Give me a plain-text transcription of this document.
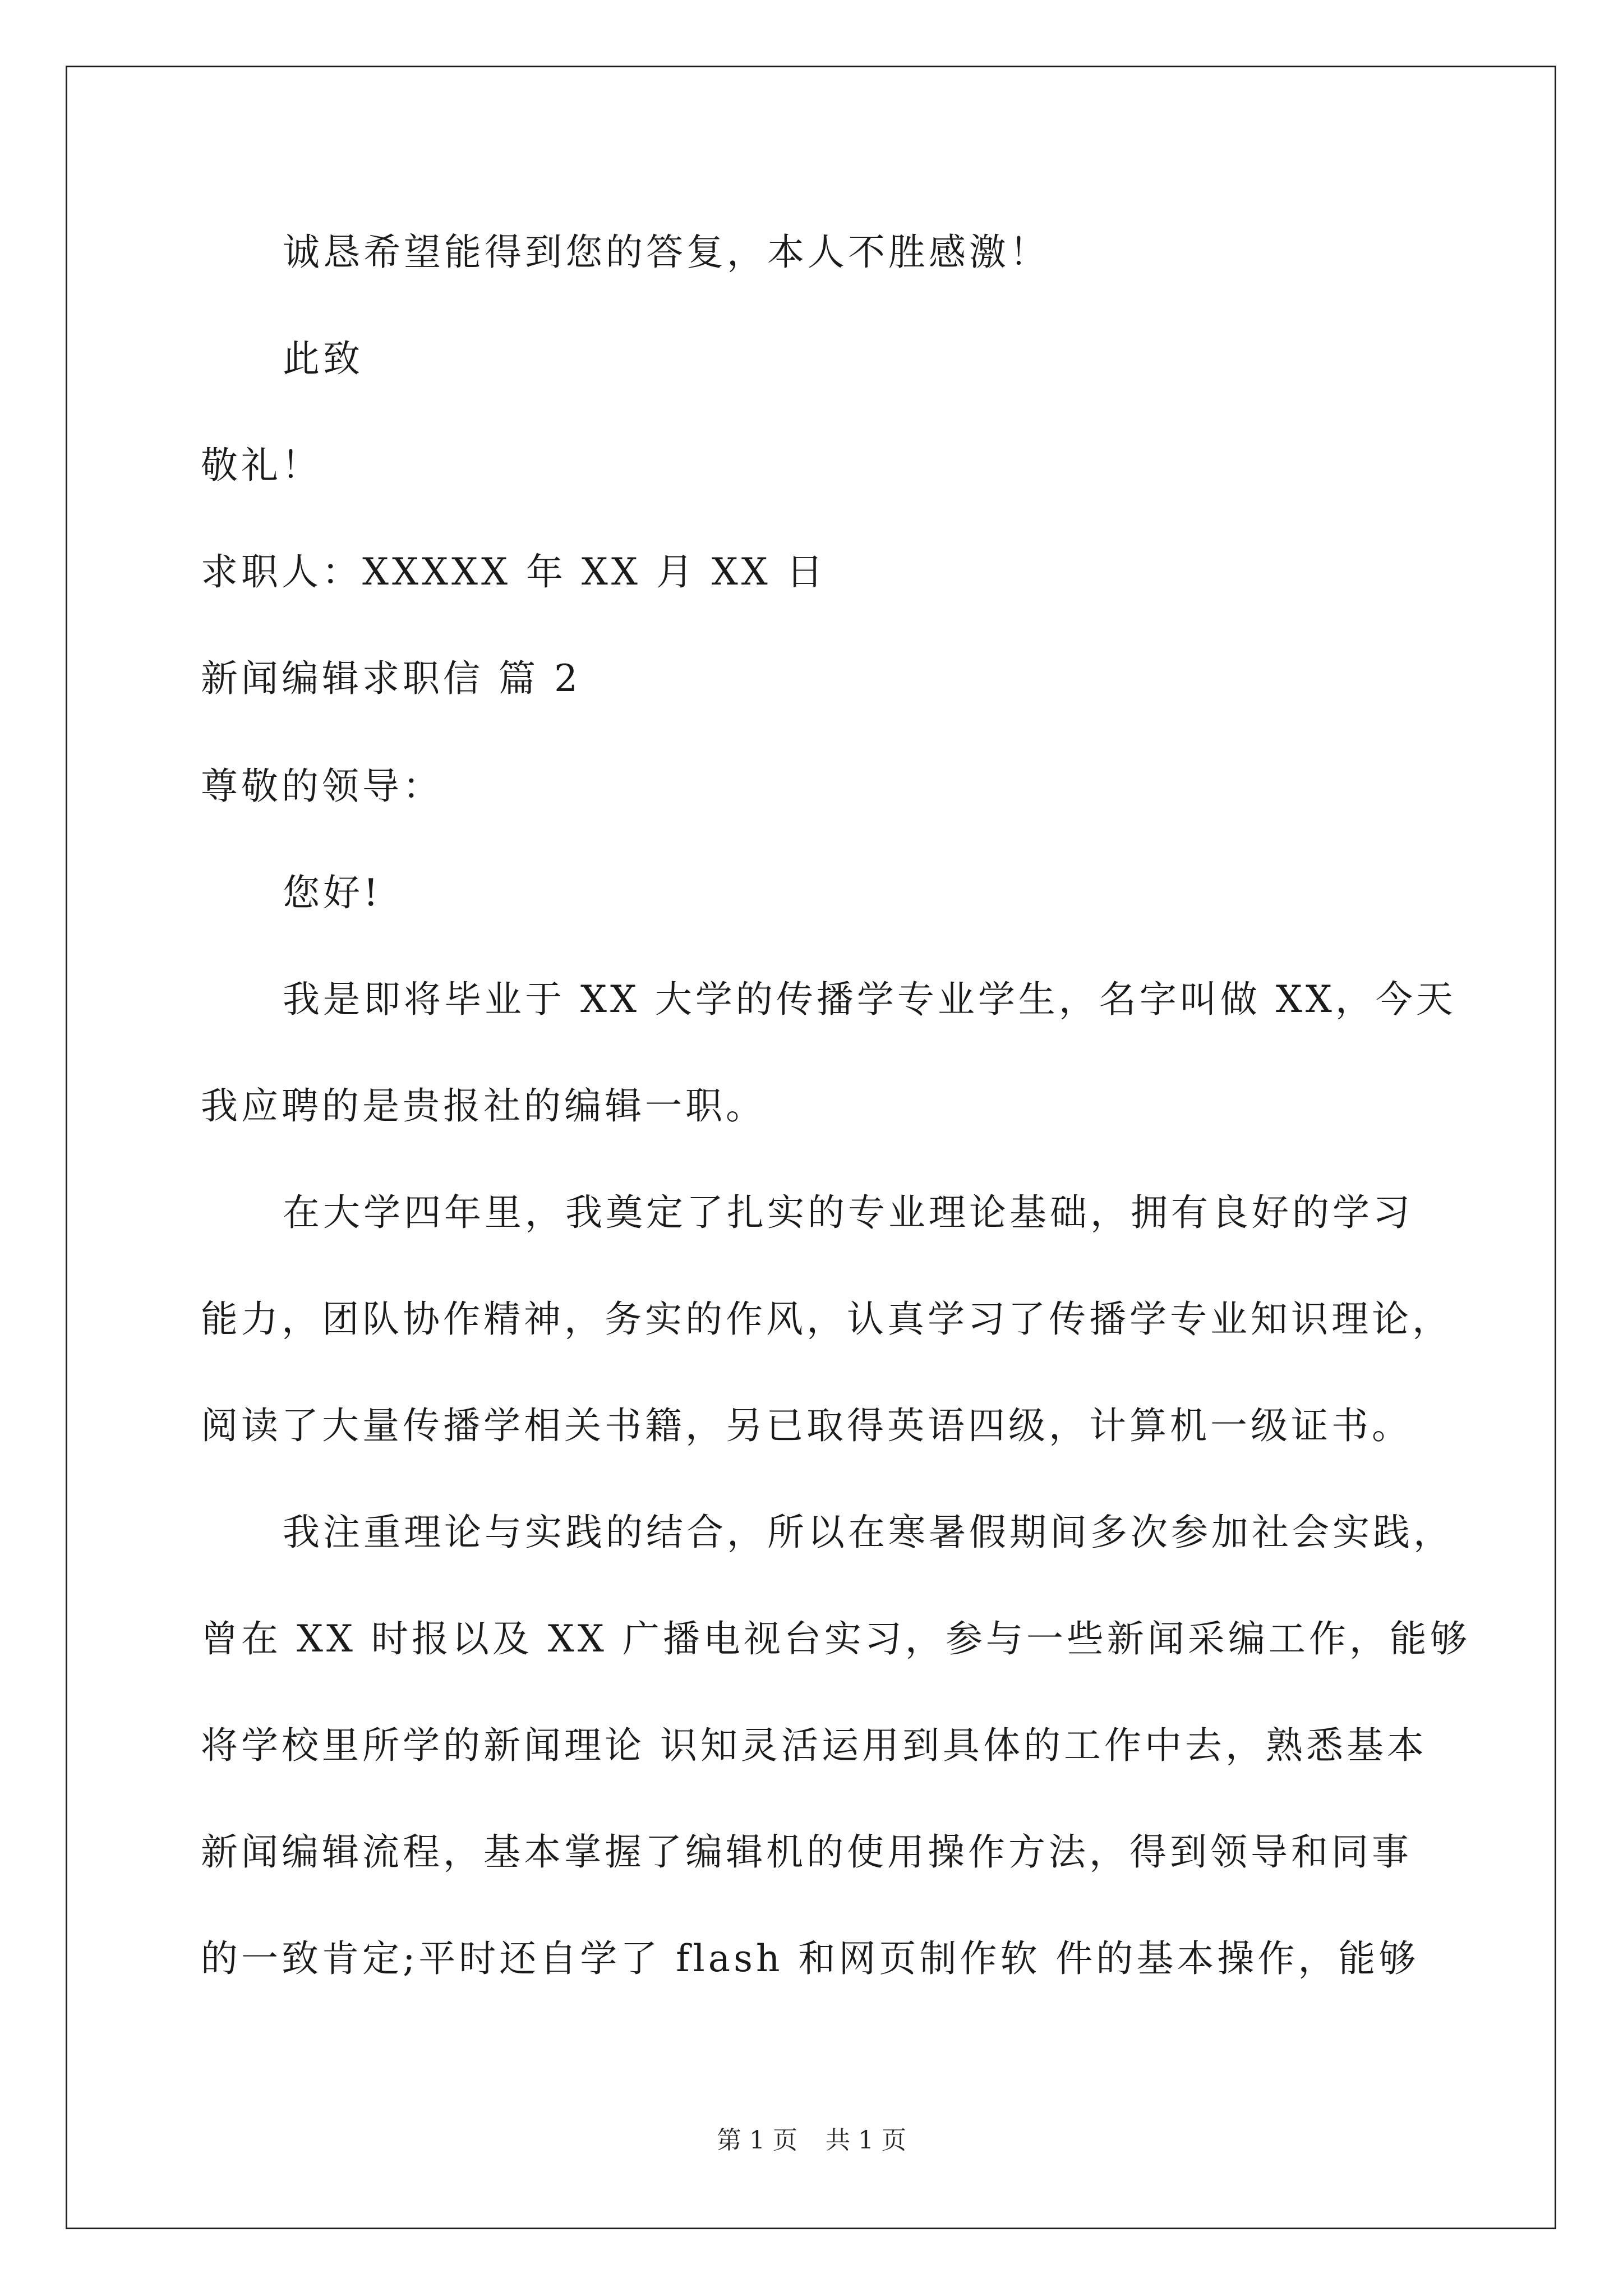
诚恳希望能得到您的答复，本人不胜感激！
此致
敬礼！
求职人：XXXXX 年 XX 月 XX 日
新闻编辑求职信 篇 2
尊敬的领导：
您好!
我是即将毕业于 XX 大学的传播学专业学生，名字叫做 XX，今天
我应聘的是贵报社的编辑一职。
在大学四年里，我奠定了扎实的专业理论基础，拥有良好的学习
能力，团队协作精神，务实的作风，认真学习了传播学专业知识理论，
阅读了大量传播学相关书籍，另已取得英语四级，计算机一级证书。
我注重理论与实践的结合，所以在寒暑假期间多次参加社会实践，
曾在 XX 时报以及 XX 广播电视台实习，参与一些新闻采编工作，能够
将学校里所学的新闻理论 识知灵活运用到具体的工作中去，熟悉基本
新闻编辑流程，基本掌握了编辑机的使用操作方法，得到领导和同事
的一致肯定;平时还自学了 flash 和网页制作软 件的基本操作，能够
第 1 页 共 1 页
